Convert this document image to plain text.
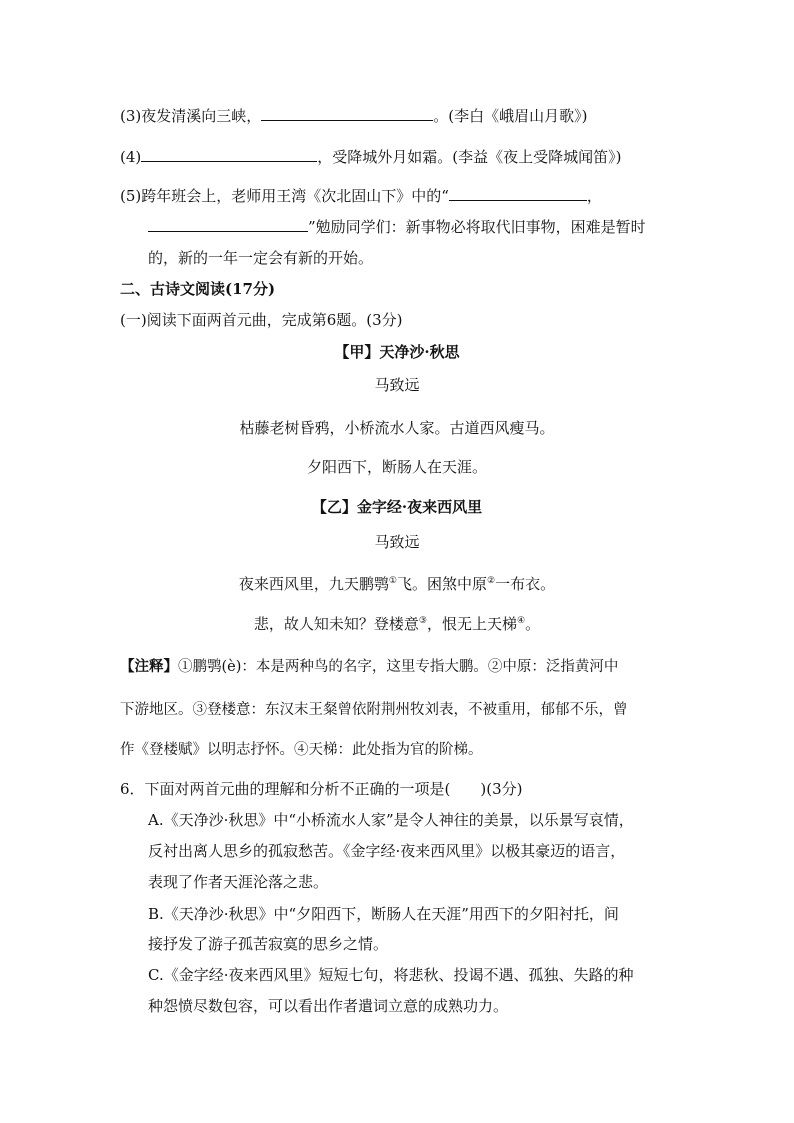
(3)夜发清溪向三峡，	。(李白《峨眉山月歌》)
(4)	，受降城外月如霜。(李益《夜上受降城闻笛》)
(5)跨年班会上，老师用王湾《次北固山下》中的“	，
”勉励同学们：新事物必将取代旧事物，困难是暂时
的，新的一年一定会有新的开始。
二、古诗文阅读(17分)
(一)阅读下面两首元曲，完成第6题。(3分)
【甲】天净沙·秋思
马致远
枯藤老树昏鸦，小桥流水人家。古道西风瘦马。
夕阳西下，断肠人在天涯。
【乙】金字经·夜来西风里
马致远
夜来西风里，九天鹏鹗①飞。困煞中原②一布衣。
悲，故人知未知？登楼意③，恨无上天梯④。
【注释】①鹏鹗(è)：本是两种鸟的名字，这里专指大鹏。②中原：泛指黄河中
下游地区。③登楼意：东汉末王粲曾依附荆州牧刘表，不被重用，郁郁不乐，曾
作《登楼赋》以明志抒怀。④天梯：此处指为官的阶梯。
6．下面对两首元曲的理解和分析不正确的一项是(　　)(3分)
A.《天净沙·秋思》中“小桥流水人家”是令人神往的美景，以乐景写哀情，
反衬出离人思乡的孤寂愁苦。《金字经·夜来西风里》以极其豪迈的语言，
表现了作者天涯沦落之悲。
B.《天净沙·秋思》中“夕阳西下，断肠人在天涯”用西下的夕阳衬托，间
接抒发了游子孤苦寂寞的思乡之情。
C.《金字经·夜来西风里》短短七句，将悲秋、投谒不遇、孤独、失路的种
种怨愤尽数包容，可以看出作者遣词立意的成熟功力。
